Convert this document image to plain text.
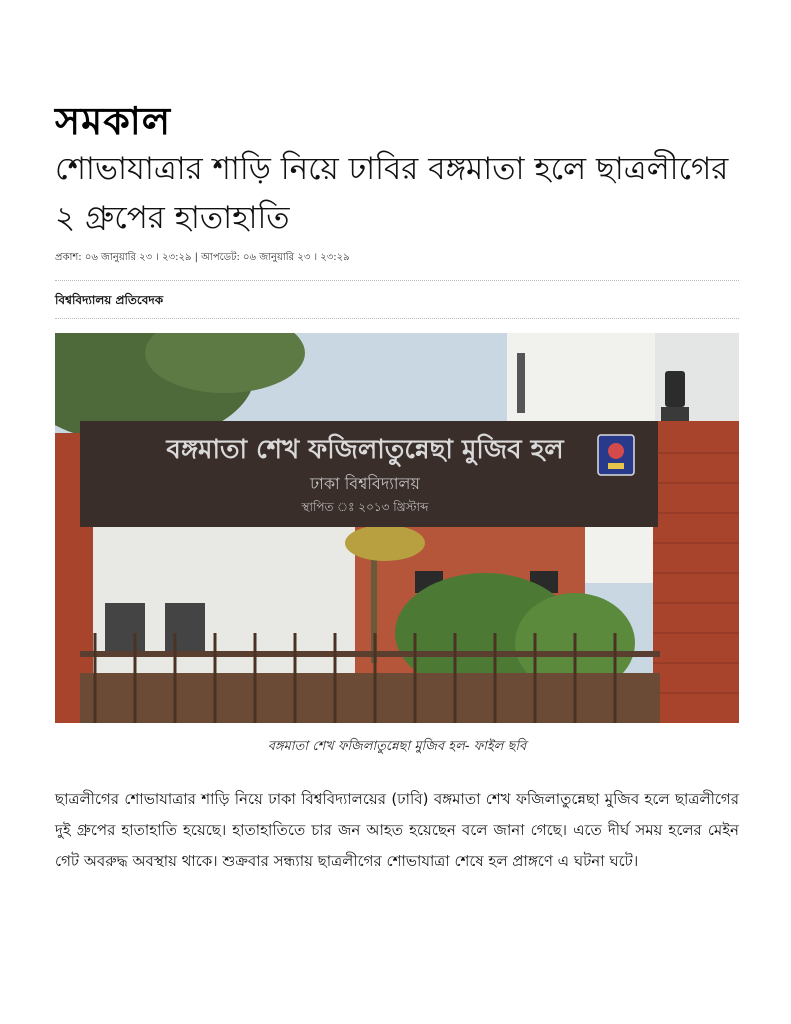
সমকাল
শোভাযাত্রার শাড়ি নিয়ে ঢাবির বঙ্গমাতা হলে ছাত্রলীগের ২ গ্রুপের হাতাহাতি
প্রকাশ: ০৬ জানুয়ারি ২৩ । ২৩:২৯ | আপডেট: ০৬ জানুয়ারি ২৩ । ২৩:২৯
বিশ্ববিদ্যালয় প্রতিবেদক
বঙ্গমাতা শেখ ফজিলাতুন্নেছা মুজিব হল
ঢাকা বিশ্ববিদ্যালয়
স্থাপিত ঃ ২০১৩ খ্রিস্টাব্দ
বঙ্গমাতা শেখ ফজিলাতুন্নেছা মুজিব হল- ফাইল ছবি

ছাত্রলীগের শোভাযাত্রার শাড়ি নিয়ে ঢাকা বিশ্ববিদ্যালয়ের (ঢাবি) বঙ্গমাতা শেখ ফজিলাতুন্নেছা মুজিব হলে ছাত্রলীগের দুই গ্রুপের হাতাহাতি হয়েছে। হাতাহাতিতে চার জন আহত হয়েছেন বলে জানা গেছে। এতে দীর্ঘ সময় হলের মেইন গেট অবরুদ্ধ অবস্থায় থাকে। শুক্রবার সন্ধ্যায় ছাত্রলীগের শোভাযাত্রা শেষে হল প্রাঙ্গণে এ ঘটনা ঘটে।
